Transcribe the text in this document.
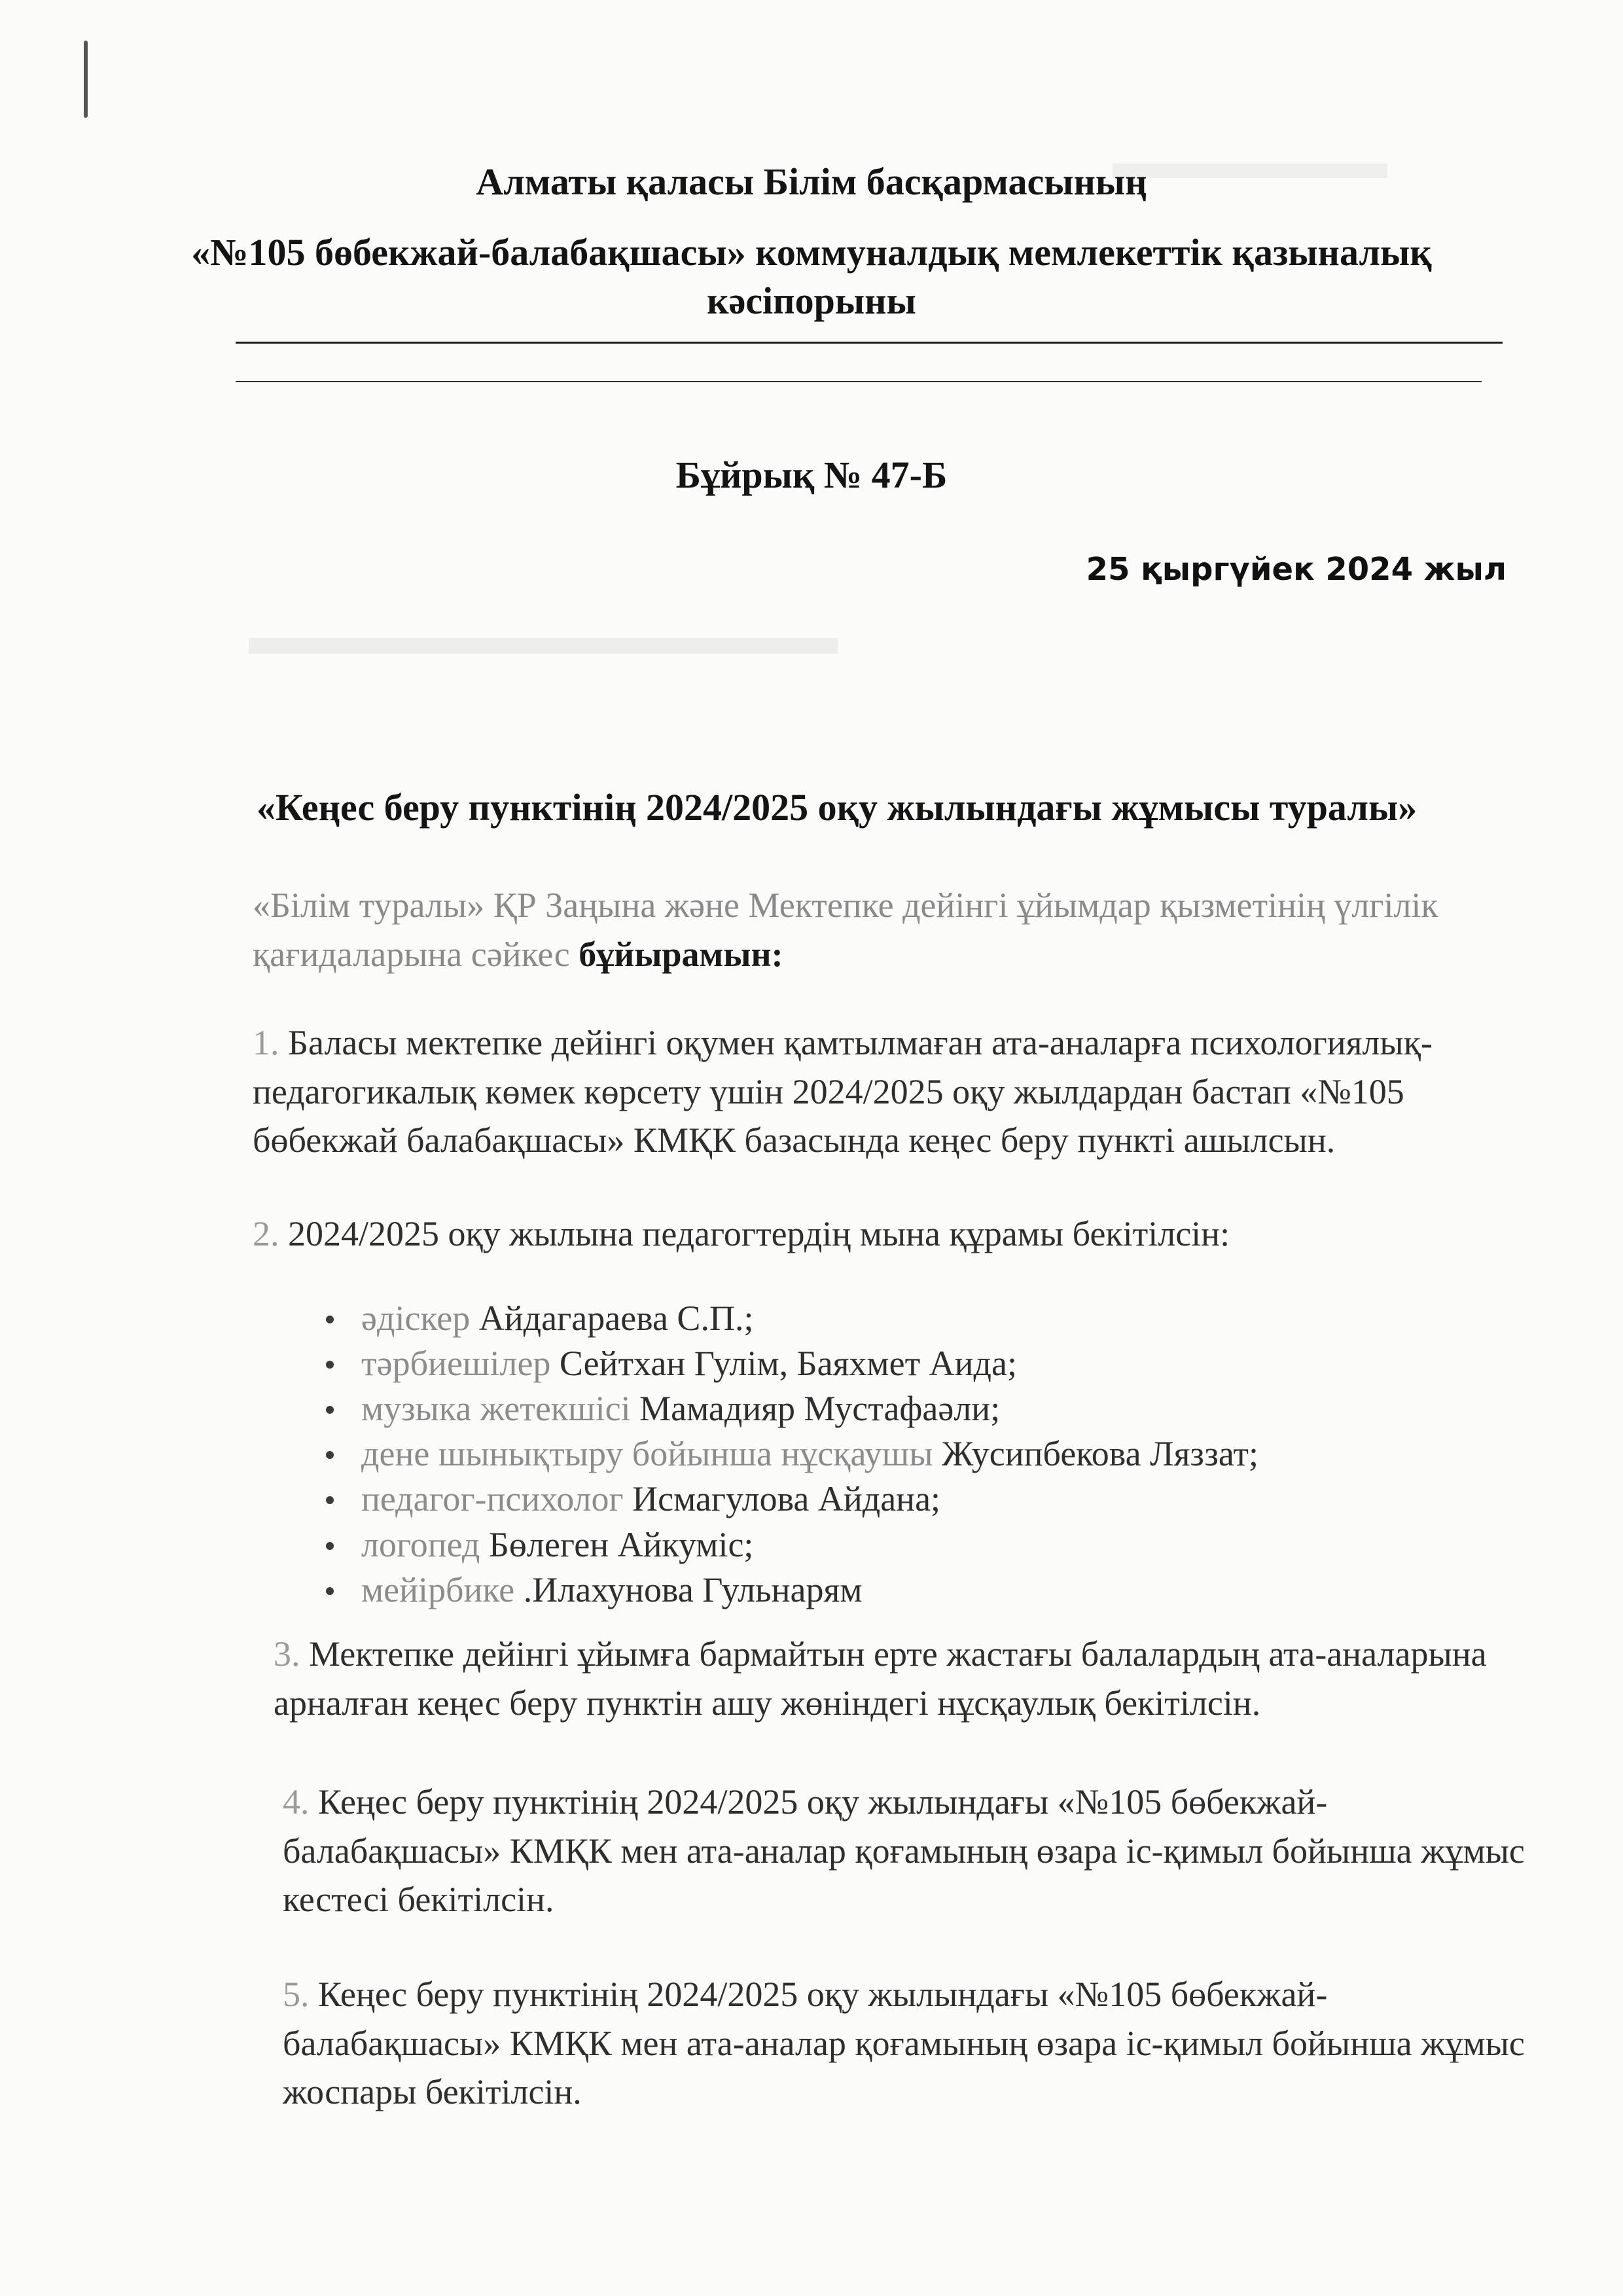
Алматы қаласы Білім басқармасының
«№105 бөбекжай-балабақшасы» коммуналдық мемлекеттік қазыналық
кәсіпорыны
Бұйрық № 47-Б
25 қыргүйек 2024 жыл
«Кеңес беру пунктінің 2024/2025 оқу жылындағы жұмысы туралы»
«Білім туралы» ҚР Заңына және Мектепке дейінгі ұйымдар қызметінің үлгілік қағидаларына сәйкес бұйырамын:
1. Баласы мектепке дейінгі оқумен қамтылмаған ата-аналарға психологиялық-педагогикалық көмек көрсету үшін 2024/2025 оқу жылдардан бастап «№105 бөбекжай балабақшасы» КМҚК базасында кеңес беру пункті ашылсын.
2. 2024/2025 оқу жылына педагогтердің мына құрамы бекітілсін:
әдіскер Айдагараева С.П.;
тәрбиешілер Сейтхан Гулім, Баяхмет Аида;
музыка жетекшісі Мамадияр Мустафаәли;
дене шынықтыру бойынша нұсқаушы Жусипбекова Ляззат;
педагог-психолог Исмагулова Айдана;
логопед Бөлеген Айкуміс;
мейірбике .Илахунова Гульнарям
3. Мектепке дейінгі ұйымға бармайтын ерте жастағы балалардың ата-аналарына арналған кеңес беру пунктін ашу жөніндегі нұсқаулық бекітілсін.
4. Кеңес беру пунктінің 2024/2025 оқу жылындағы «№105 бөбекжай-балабақшасы» КМҚК мен ата-аналар қоғамының өзара іс-қимыл бойынша жұмыс кестесі бекітілсін.
5. Кеңес беру пунктінің 2024/2025 оқу жылындағы «№105 бөбекжай-балабақшасы» КМҚК мен ата-аналар қоғамының өзара іс-қимыл бойынша жұмыс жоспары бекітілсін.
